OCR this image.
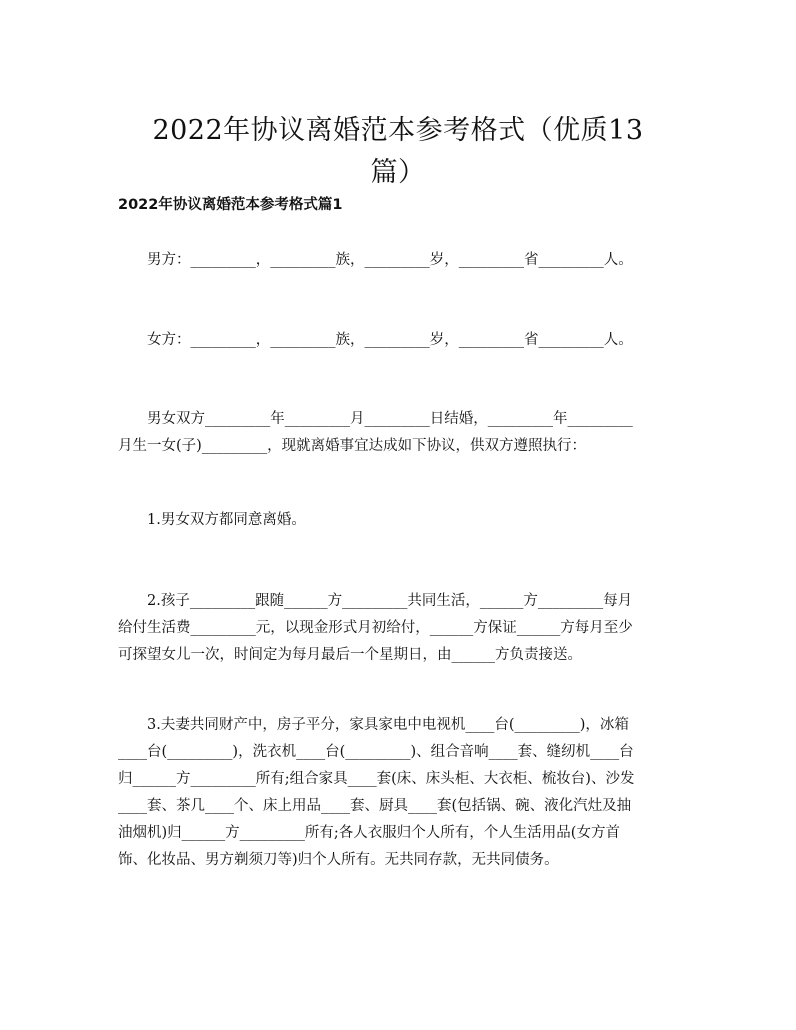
2022年协议离婚范本参考格式（优质13
篇）
2022年协议离婚范本参考格式篇1

男方：_________，_________族，_________岁，_________省_________人。

女方：_________，_________族，_________岁，_________省_________人。

男女双方_________年_________月_________日结婚，_________年_________
月生一女(子)_________，现就离婚事宜达成如下协议，供双方遵照执行：

1.男女双方都同意离婚。

2.孩子_________跟随______方_________共同生活，______方_________每月
给付生活费_________元，以现金形式月初给付，______方保证______方每月至少
可探望女儿一次，时间定为每月最后一个星期日，由______方负责接送。

3.夫妻共同财产中，房子平分，家具家电中电视机____台(_________)，冰箱
____台(_________)，洗衣机____台(_________)、组合音响____套、缝纫机____台
归______方_________所有;组合家具____套(床、床头柜、大衣柜、梳妆台)、沙发
____套、茶几____个、床上用品____套、厨具____套(包括锅、碗、液化汽灶及抽
油烟机)归______方_________所有;各人衣服归个人所有，个人生活用品(女方首
饰、化妆品、男方剃须刀等)归个人所有。无共同存款，无共同债务。
